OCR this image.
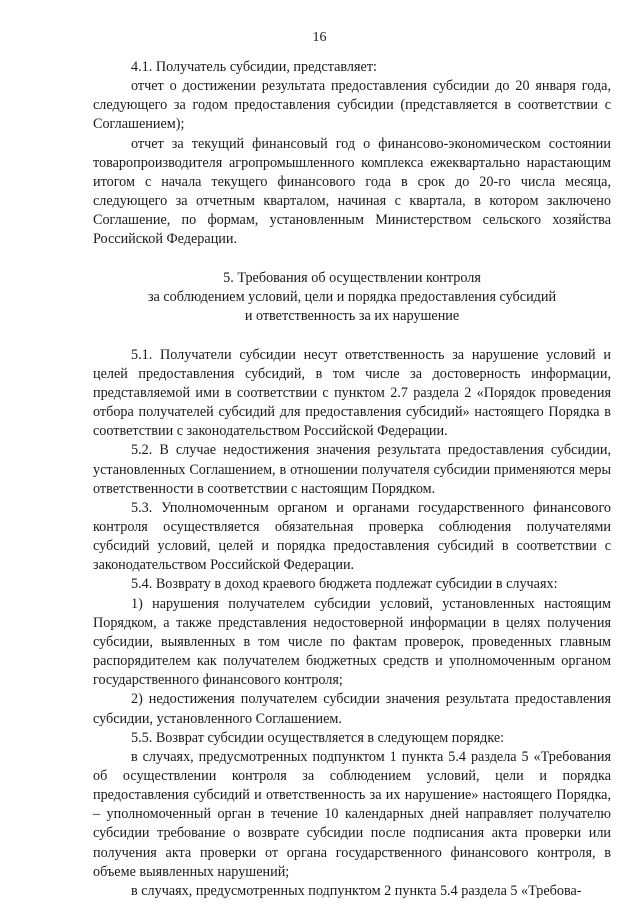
16

4.1. Получатель субсидии, представляет:

отчет о достижении результата предоставления субсидии до 20 января года, следующего за годом предоставления субсидии (представляется в соответствии с Соглашением);

отчет за текущий финансовый год о финансово-экономическом состоянии товаропроизводителя агропромышленного комплекса ежеквартально нарастающим итогом с начала текущего финансового года в срок до 20-го числа месяца, следующего за отчетным кварталом, начиная с квартала, в котором заключено Соглашение, по формам, установленным Министерством сельского хозяйства Российской Федерации.

5. Требования об осуществлении контроля
за соблюдением условий, цели и порядка предоставления субсидий
и ответственность за их нарушение

5.1. Получатели субсидии несут ответственность за нарушение условий и целей предоставления субсидий, в том числе за достоверность информации, представляемой ими в соответствии с пунктом 2.7 раздела 2 «Порядок проведения отбора получателей субсидий для предоставления субсидий» настоящего Порядка в соответствии с законодательством Российской Федерации.

5.2. В случае недостижения значения результата предоставления субсидии, установленных Соглашением, в отношении получателя субсидии применяются меры ответственности в соответствии с настоящим Порядком.

5.3. Уполномоченным органом и органами государственного финансового контроля осуществляется обязательная проверка соблюдения получателями субсидий условий, целей и порядка предоставления субсидий в соответствии с законодательством Российской Федерации.

5.4. Возврату в доход краевого бюджета подлежат субсидии в случаях:

1) нарушения получателем субсидии условий, установленных настоящим Порядком, а также представления недостоверной информации в целях получения субсидии, выявленных в том числе по фактам проверок, проведенных главным распорядителем как получателем бюджетных средств и уполномоченным органом государственного финансового контроля;

2) недостижения получателем субсидии значения результата предоставления субсидии, установленного Соглашением.

5.5. Возврат субсидии осуществляется в следующем порядке:

в случаях, предусмотренных подпунктом 1 пункта 5.4 раздела 5 «Требования об осуществлении контроля за соблюдением условий, цели и порядка предоставления субсидий и ответственность за их нарушение» настоящего Порядка, – уполномоченный орган в течение 10 календарных дней направляет получателю субсидии требование о возврате субсидии после подписания акта проверки или получения акта проверки от органа государственного финансового контроля, в объеме выявленных нарушений;

в случаях, предусмотренных подпунктом 2 пункта 5.4 раздела 5 «Требова-
